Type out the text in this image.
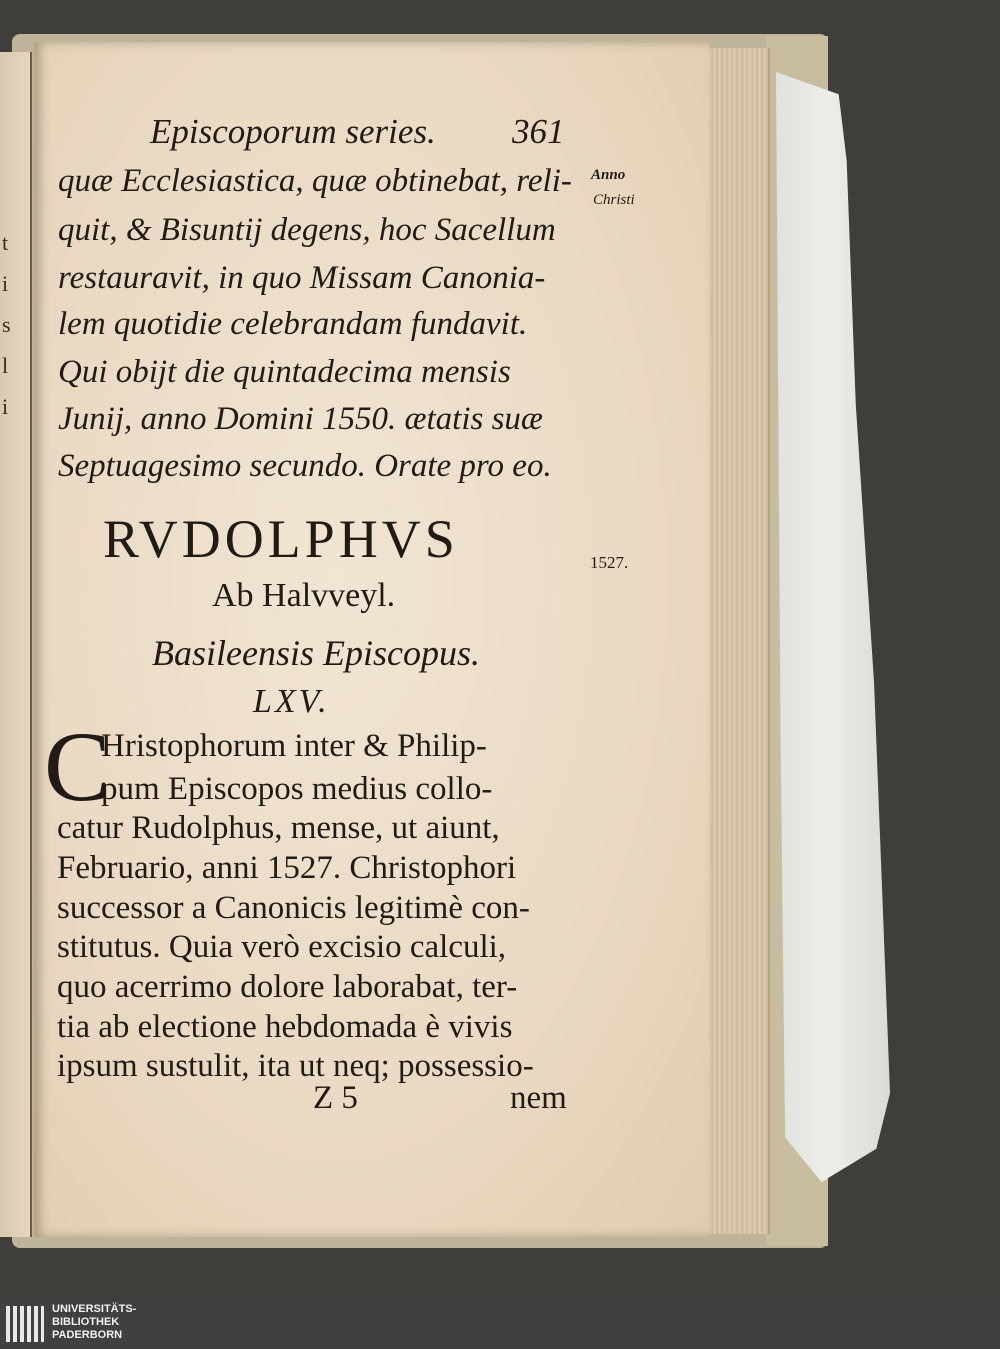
t
i
s
l
i
Episcoporum series. 361
Anno
Christi
1527.
quæ Ecclesiastica, quæ obtinebat, reli-
quit, & Bisuntij degens, hoc Sacellum
restauravit, in quo Missam Canonia-
lem quotidie celebrandam fundavit.
Qui obijt die quintadecima mensis
Junij, anno Domini 1550. ætatis suæ
Septuagesimo secundo. Orate pro eo.
RVDOLPHVS
Ab Halvveyl.
Basileensis Episcopus.
LXV.
C
Hristophorum inter & Philip-
pum Episcopos medius collo-
catur Rudolphus, mense, ut aiunt,
Februario, anni 1527. Christophori
successor a Canonicis legitimè con-
stitutus. Quia verò excisio calculi,
quo acerrimo dolore laborabat, ter-
tia ab electione hebdomada è vivis
ipsum sustulit, ita ut neq; possessio-
Z 5	nem
UNIVERSITÄTS-
BIBLIOTHEK
PADERBORN
